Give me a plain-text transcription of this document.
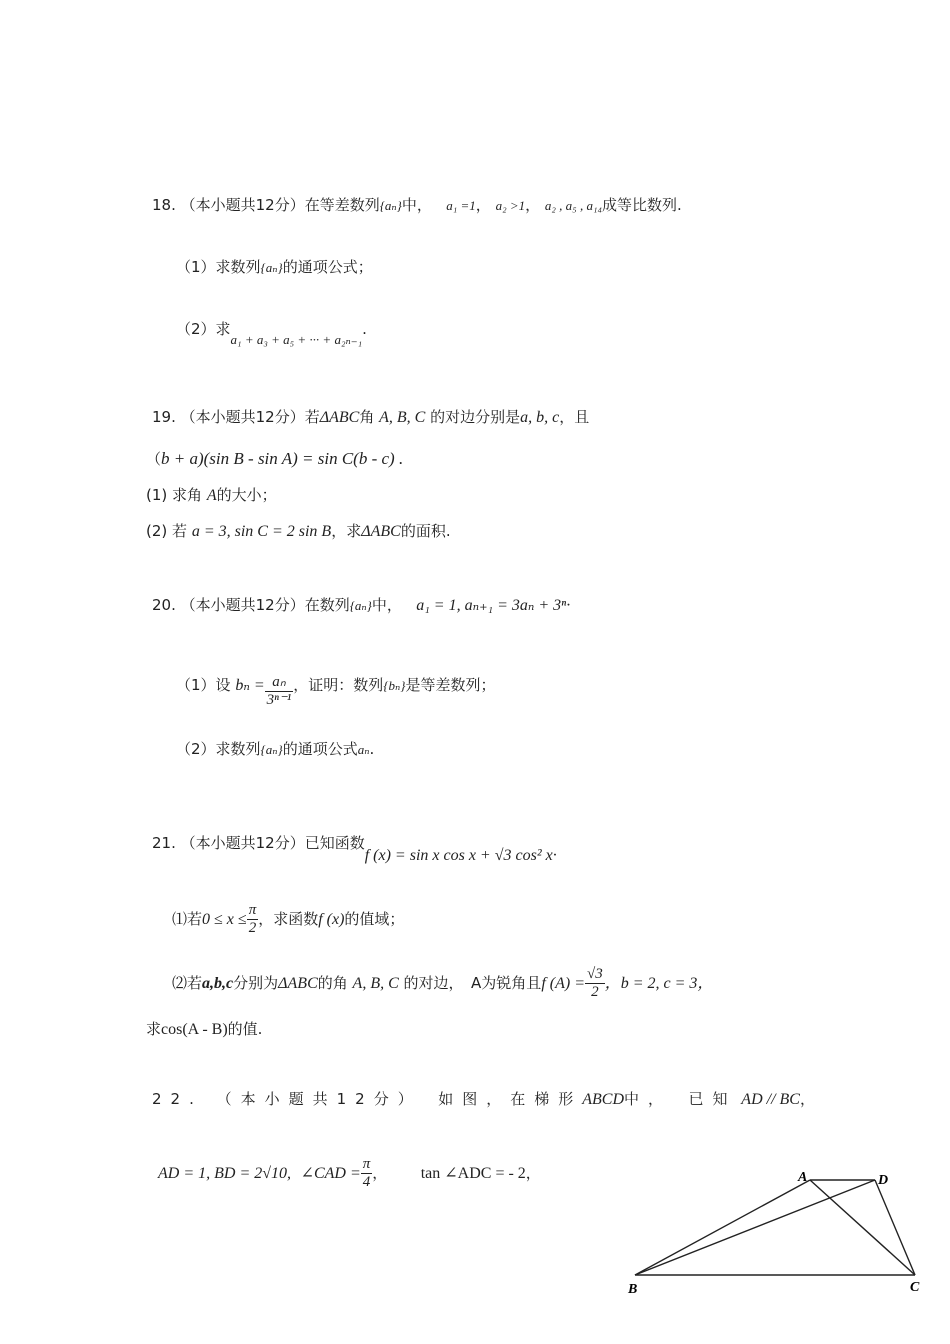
18. （本小题共12分）在等差数列{aₙ}中， a₁ =1， a₂ >1， a₂ , a₅ , a₁₄成等比数列.
（1）求数列{aₙ}的通项公式；
（2）求a₁ + a₃ + a₅ + ··· + a₂ₙ₋₁.
19. （本小题共12分）若ΔABC角 A, B, C 的对边分别是a, b, c，且
（b + a)(sin B - sin A) = sin C(b - c) .
(1) 求角 A的大小；
(2) 若 a = 3, sin C = 2 sin B，求ΔABC的面积.
20. （本小题共12分）在数列{aₙ}中， a₁ = 1, aₙ₊₁ = 3aₙ + 3ⁿ·
（1）设 $b_n = \frac{\text{aₙ}}{\text{3ⁿ⁻¹}}$ ，证明：数列{bₙ}是等差数列；
（2）求数列{aₙ}的通项公式aₙ.
21. （本小题共12分）已知函数f (x) = sin x cos x + √3 cos² x·
⑴若$0 \le x \le \frac{\pi}{2}$ ，求函数f (x)的值域；
⑵若a,b,c分别为ΔABC的角 A, B, C 的对边，　A为锐角且f $(A) = \frac{√3}{2}$ ，b = 2, c = 3，
求cos(A - B)的值.
22. （本小题共12分）　如图，在梯形ABCD中，　已知 AD // BC，
AD = 1, BD = 2√10, ∠CAD = $\frac{\pi}{4}$ ， tan ∠ADC = - 2，	A	D
B	C
